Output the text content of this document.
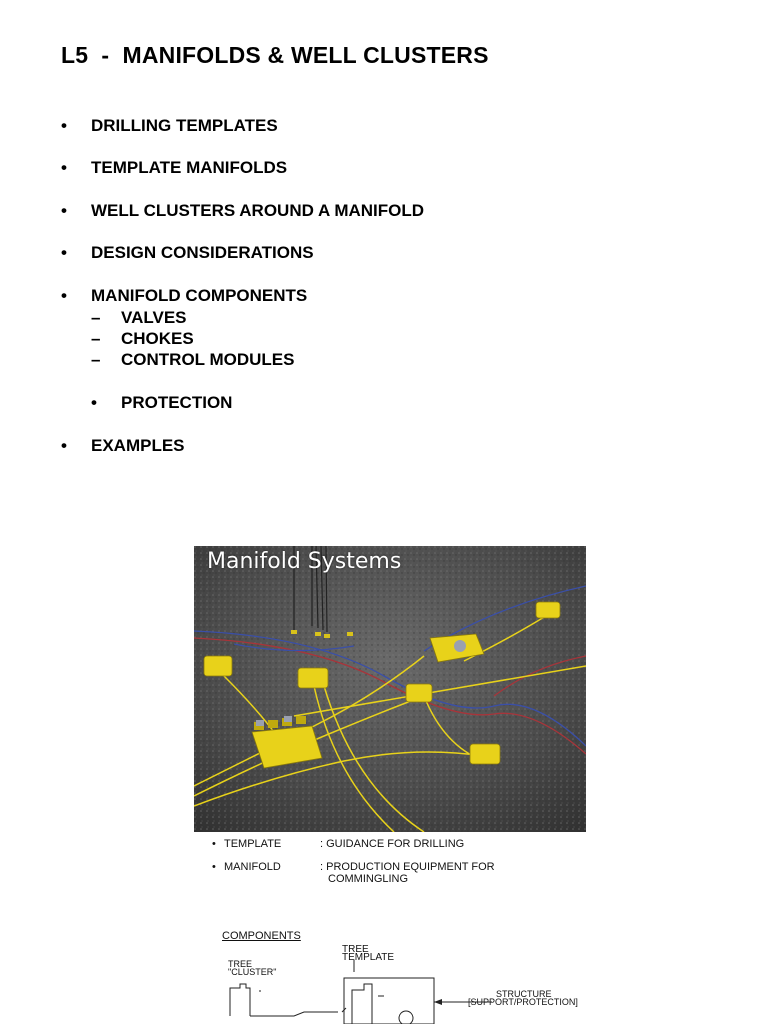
L5  -  MANIFOLDS & WELL CLUSTERS
• DRILLING TEMPLATES
• TEMPLATE MANIFOLDS
• WELL CLUSTERS AROUND A MANIFOLD
• DESIGN CONSIDERATIONS
• MANIFOLD COMPONENTS
– VALVES
– CHOKES
– CONTROL MODULES
• PROTECTION
• EXAMPLES
Manifold Systems
• TEMPLATE	: GUIDANCE FOR DRILLING
• MANIFOLD	: PRODUCTION EQUIPMENT FOR
COMMINGLING
COMPONENTS
TREE
TEMPLATE
TREE
"CLUSTER"
STRUCTURE
[SUPPORT/PROTECTION]
